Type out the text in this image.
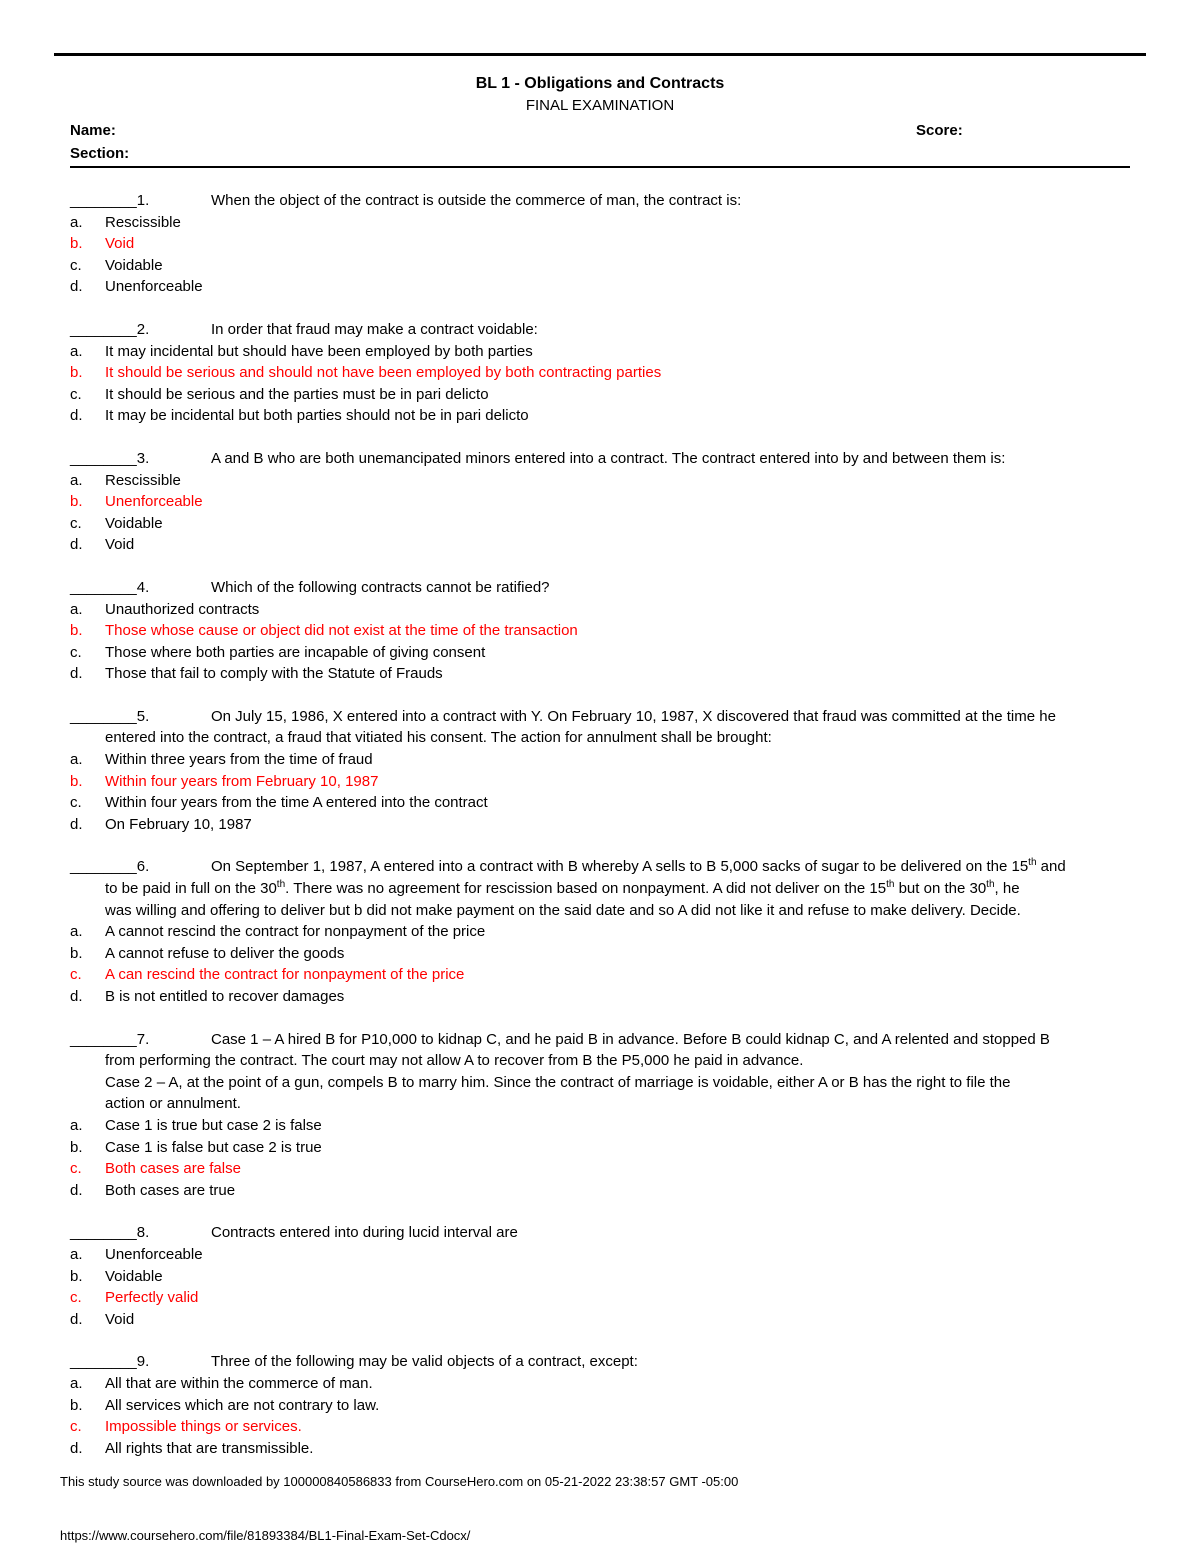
BL 1 - Obligations and Contracts
FINAL EXAMINATION
Name:
Section:
Score:
________1.	When the object of the contract is outside the commerce of man, the contract is:
a.	Rescissible
b.	Void
c.	Voidable
d.	Unenforceable
________2.	In order that fraud may make a contract voidable:
a.	It may incidental but should have been employed by both parties
b.	It should be serious and should not have been employed by both contracting parties
c.	It should be serious and the parties must be in pari delicto
d.	It may be incidental but both parties should not be in pari delicto
________3.	A and B who are both unemancipated minors entered into a contract. The contract entered into by and between them is:
a.	Rescissible
b.	Unenforceable
c.	Voidable
d.	Void
________4.	Which of the following contracts cannot be ratified?
a.	Unauthorized contracts
b.	Those whose cause or object did not exist at the time of the transaction
c.	Those where both parties are incapable of giving consent
d.	Those that fail to comply with the Statute of Frauds
________5.	On July 15, 1986, X entered into a contract with Y. On February 10, 1987, X discovered that fraud was committed at the time he
entered into the contract, a fraud that vitiated his consent. The action for annulment shall be brought:
a.	Within three years from the time of fraud
b.	Within four years from February 10, 1987
c.	Within four years from the time A entered into the contract
d.	On February 10, 1987
________6.	On September 1, 1987, A entered into a contract with B whereby A sells to B 5,000 sacks of sugar to be delivered on the 15th and
to be paid in full on the 30th. There was no agreement for rescission based on nonpayment. A did not deliver on the 15th but on the 30th, he
was willing and offering to deliver but b did not make payment on the said date and so A did not like it and refuse to make delivery. Decide.
a.	A cannot rescind the contract for nonpayment of the price
b.	A cannot refuse to deliver the goods
c.	A can rescind the contract for nonpayment of the price
d.	B is not entitled to recover damages
________7.	Case 1 – A hired B for P10,000 to kidnap C, and he paid B in advance. Before B could kidnap C, and A relented and stopped B
from performing the contract. The court may not allow A to recover from B the P5,000 he paid in advance.
Case 2 – A, at the point of a gun, compels B to marry him. Since the contract of marriage is voidable, either A or B has the right to file the
action or annulment.
a.	Case 1 is true but case 2 is false
b.	Case 1 is false but case 2 is true
c.	Both cases are false
d.	Both cases are true
________8.	Contracts entered into during lucid interval are
a.	Unenforceable
b.	Voidable
c.	Perfectly valid
d.	Void
________9.	Three of the following may be valid objects of a contract, except:
a.	All that are within the commerce of man.
b.	All services which are not contrary to law.
c.	Impossible things or services.
d.	All rights that are transmissible.
This study source was downloaded by 100000840586833 from CourseHero.com on 05-21-2022 23:38:57 GMT -05:00
https://www.coursehero.com/file/81893384/BL1-Final-Exam-Set-Cdocx/
